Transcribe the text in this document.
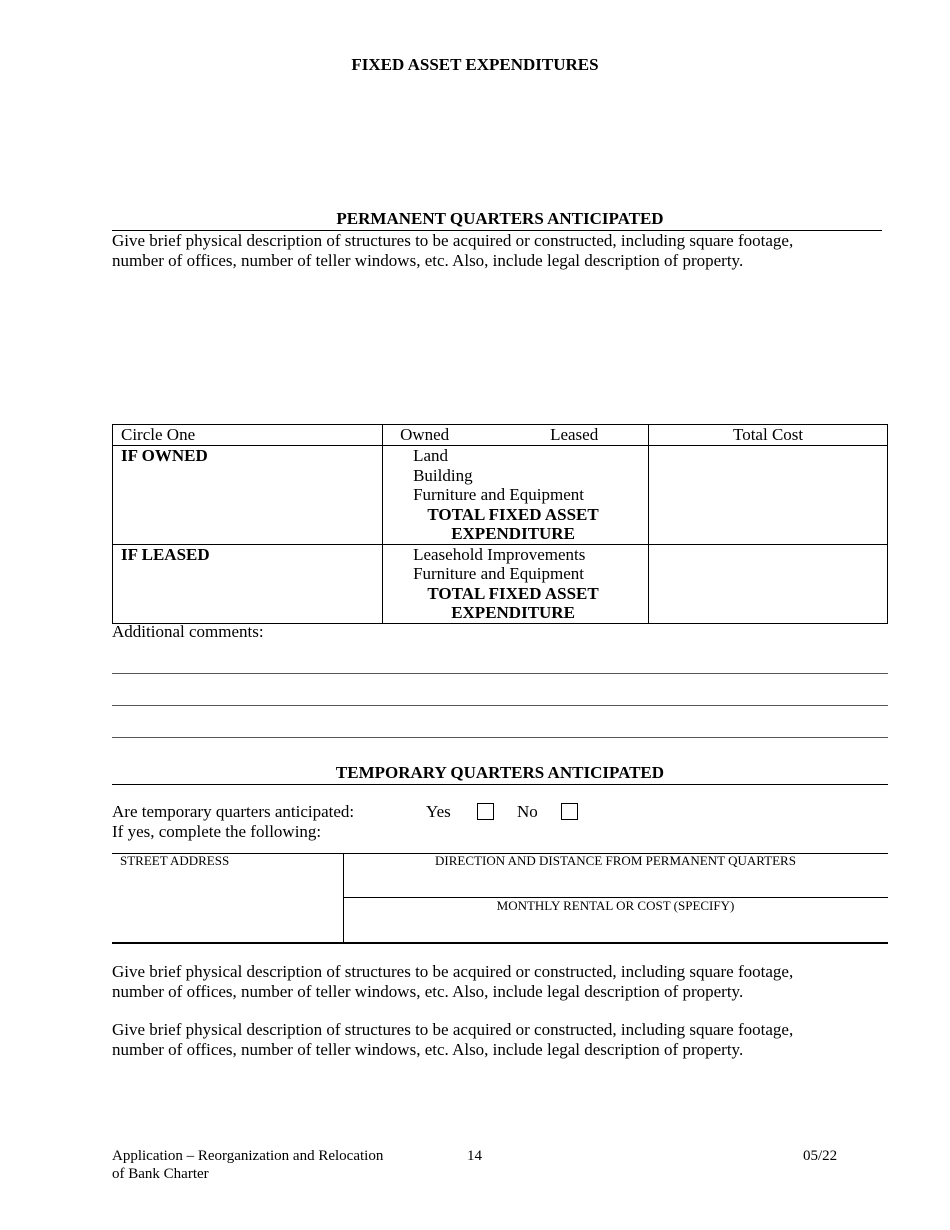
FIXED ASSET EXPENDITURES
PERMANENT QUARTERS ANTICIPATED
Give brief physical description of structures to be acquired or constructed, including square footage,
number of offices, number of teller windows, etc. Also, include legal description of property.
Circle One	Owned Leased	Total Cost
IF OWNED	Land
Building
Furniture and Equipment
TOTAL FIXED ASSET
EXPENDITURE	

IF LEASED	Leasehold Improvements
Furniture and Equipment
TOTAL FIXED ASSET
EXPENDITURE	

Additional comments:
TEMPORARY QUARTERS ANTICIPATED
Are temporary quarters anticipated:	Yes	No
If yes, complete the following:
STREET ADDRESS	DIRECTION AND DISTANCE FROM PERMANENT QUARTERS
MONTHLY RENTAL OR COST (SPECIFY)
Give brief physical description of structures to be acquired or constructed, including square footage,
number of offices, number of teller windows, etc. Also, include legal description of property.
Give brief physical description of structures to be acquired or constructed, including square footage,
number of offices, number of teller windows, etc. Also, include legal description of property.
Application – Reorganization and Relocation
of Bank Charter
14	05/22
